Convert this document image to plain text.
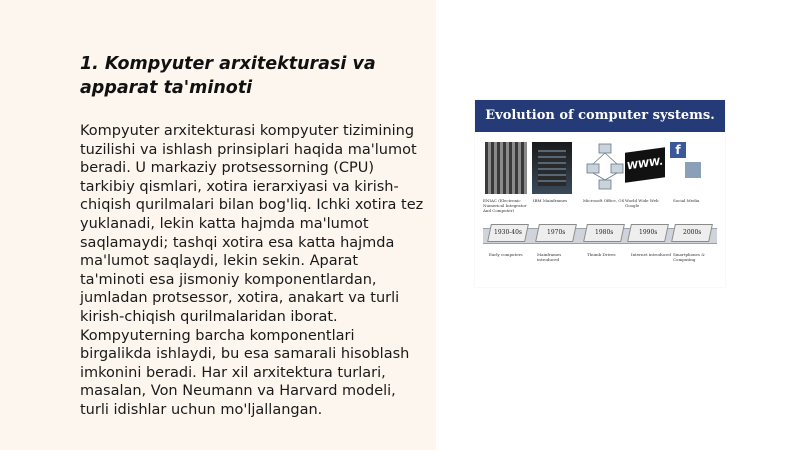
1. Kompyuter arxitekturasi va apparat ta'minoti

Kompyuter arxitekturasi kompyuter tizimining tuzilishi va ishlash prinsiplari haqida ma'lumot beradi. U markaziy protsessorning (CPU) tarkibiy qismlari, xotira ierarxiyasi va kirish-chiqish qurilmalari bilan bog'liq. Ichki xotira tez yuklanadi, lekin katta hajmda ma'lumot saqlamaydi; tashqi xotira esa katta hajmda ma'lumot saqlaydi, lekin sekin. Aparat ta'minoti esa jismoniy komponentlardan, jumladan protsessor, xotira, anakart va turli kirish-chiqish qurilmalaridan iborat. Kompyuterning barcha komponentlari birgalikda ishlaydi, bu esa samarali hisoblash imkonini beradi. Har xil arxitektura turlari, masalan, Von Neumann va Harvard modeli, turli idishlar uchun mo'ljallangan.

Evolution of computer systems.
WWW.
f
ENIAC (Electronic Numerical Integrator And Computer)
IBM Mainframes	Microsoft Office, OS World Wide Web Google
Social Media
1930-40s	1970s	1980s	1990s	2000s
Early computers	Mainframes introduced
Thumb Drives	Internet introduced Smartphones & Computing
